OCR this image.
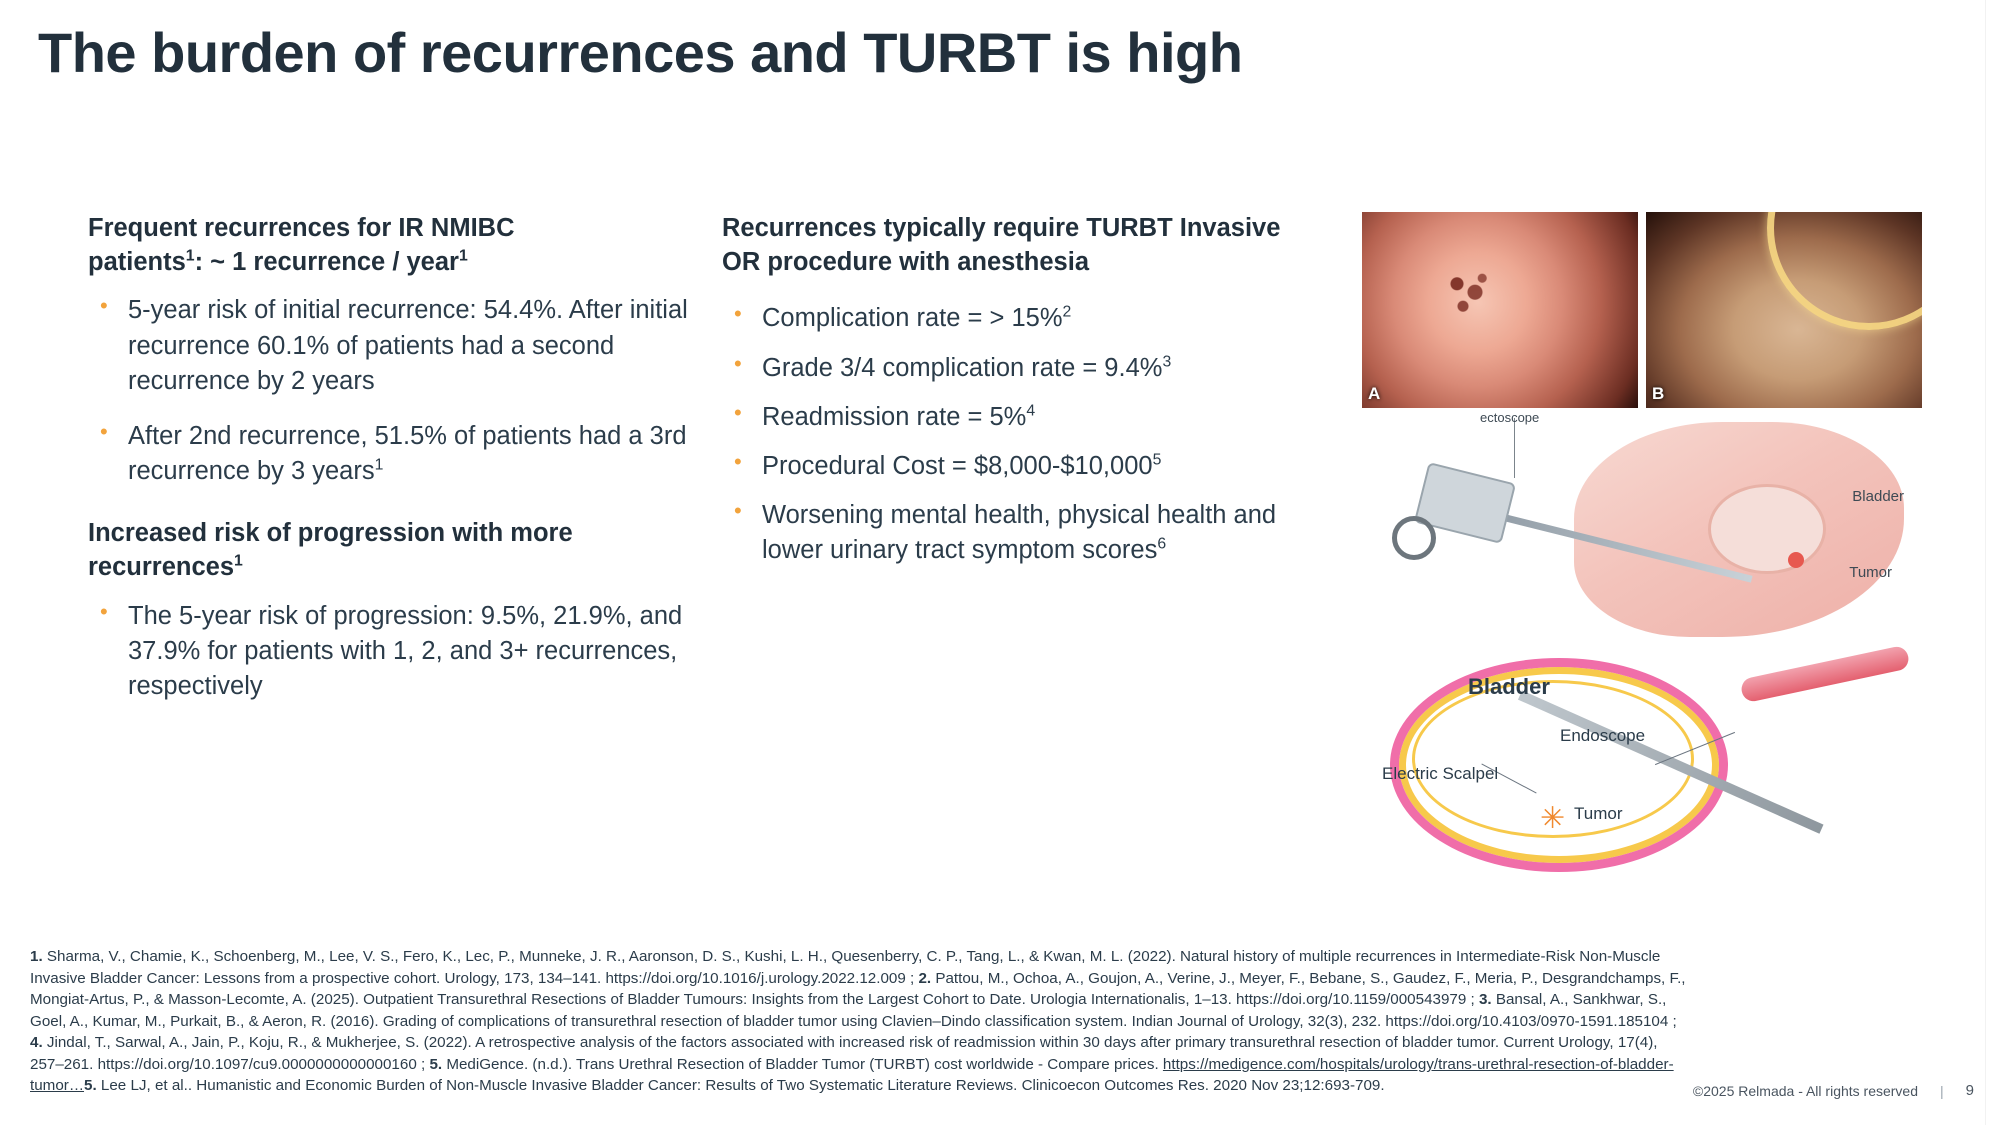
The burden of recurrences and TURBT is high
Frequent recurrences for IR NMIBC
patients$^1$: ~ 1 recurrence / year$^1$
• 5-year risk of initial recurrence: 54.4%. After initial recurrence 60.1% of patients had a second recurrence by 2 years
• After 2nd recurrence, 51.5% of patients had a 3rd recurrence by 3 years$^1$
Increased risk of progression with more recurrences$^1$
• The 5-year risk of progression: 9.5%, 21.9%, and 37.9% for patients with 1, 2, and 3+ recurrences, respectively
Recurrences typically require TURBT Invasive OR procedure with anesthesia
• Complication rate = > 15%$^2$
• Grade 3/4 complication rate = 9.4%$^3$
• Readmission rate = 5%$^4$
• Procedural Cost = $\$8,000-\$10,000^5$
• Worsening mental health, physical health and lower urinary tract symptom scores$^6$
A	B
ectoscope
Bladder
Tumor
✳
Bladder
Endoscope
Electric Scalpel
Tumor
1. Sharma, V., Chamie, K., Schoenberg, M., Lee, V. S., Fero, K., Lec, P., Munneke, J. R., Aaronson, D. S., Kushi, L. H., Quesenberry, C. P., Tang, L., & Kwan, M. L. (2022). Natural history of multiple recurrences in Intermediate-Risk Non-Muscle Invasive Bladder Cancer: Lessons from a prospective cohort. Urology, 173, 134–141. https://doi.org/10.1016/j.urology.2022.12.009 ; 2. Pattou, M., Ochoa, A., Goujon, A., Verine, J., Meyer, F., Bebane, S., Gaudez, F., Meria, P., Desgrandchamps, F., Mongiat-Artus, P., & Masson-Lecomte, A. (2025). Outpatient Transurethral Resections of Bladder Tumours: Insights from the Largest Cohort to Date. Urologia Internationalis, 1–13. https://doi.org/10.1159/000543979 ; 3. Bansal, A., Sankhwar, S., Goel, A., Kumar, M., Purkait, B., & Aeron, R. (2016). Grading of complications of transurethral resection of bladder tumor using Clavien–Dindo classification system. Indian Journal of Urology, 32(3), 232. https://doi.org/10.4103/0970-1591.185104 ; 4. Jindal, T., Sarwal, A., Jain, P., Koju, R., & Mukherjee, S. (2022). A retrospective analysis of the factors associated with increased risk of readmission within 30 days after primary transurethral resection of bladder tumor. Current Urology, 17(4), 257–261. https://doi.org/10.1097/cu9.0000000000000160 ; 5. MediGence. (n.d.). Trans Urethral Resection of Bladder Tumor (TURBT) cost worldwide - Compare prices. https://medigence.com/hospitals/urology/trans-urethral-resection-of-bladder-tumor…5. Lee LJ, et al.. Humanistic and Economic Burden of Non-Muscle Invasive Bladder Cancer: Results of Two Systematic Literature Reviews. Clinicoecon Outcomes Res. 2020 Nov 23;12:693-709.	©2025 Relmada - All rights reserved | 9
